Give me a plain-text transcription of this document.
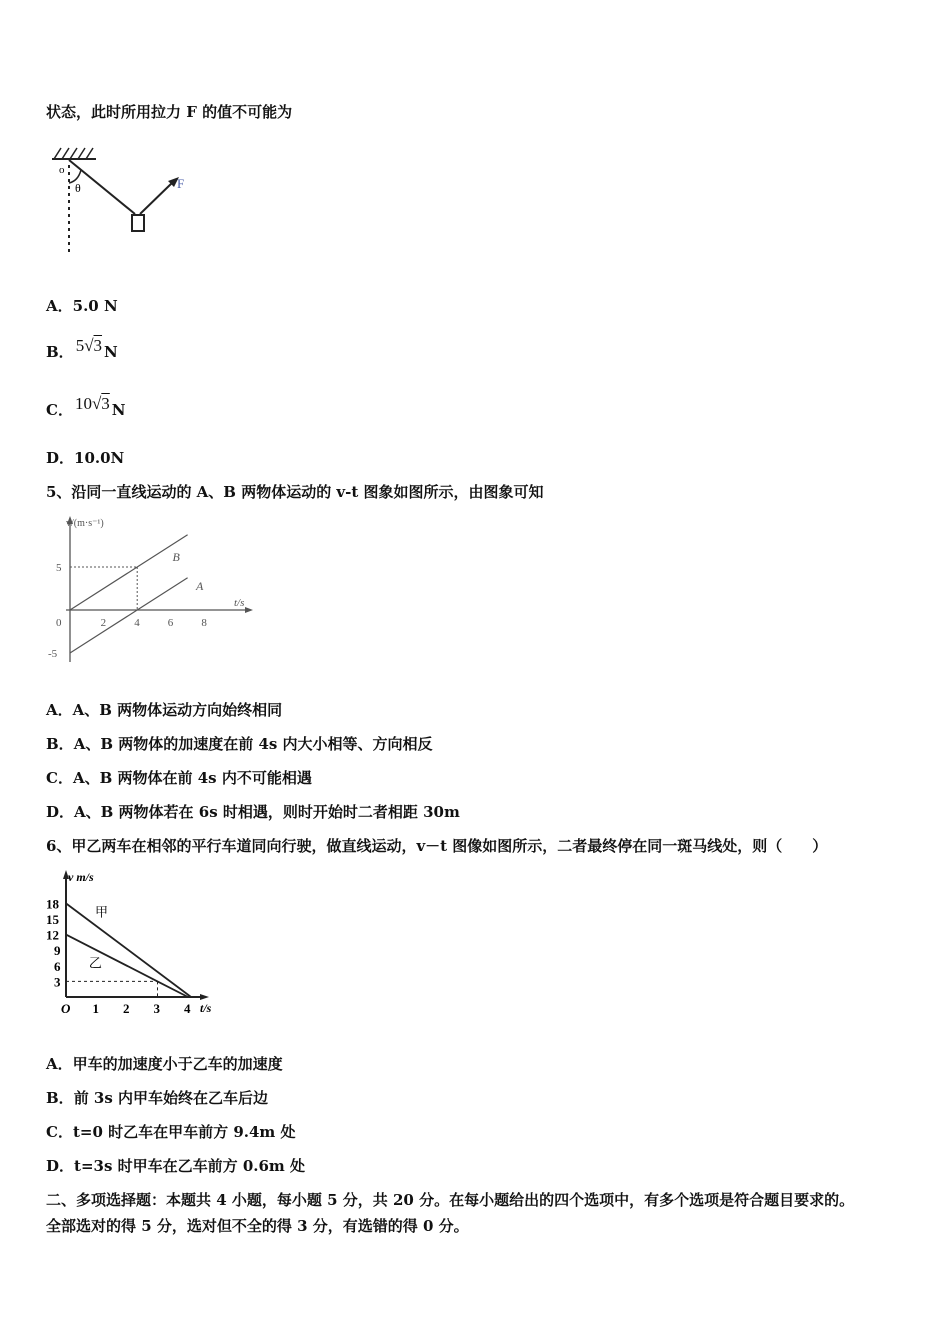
状态，此时所用拉力 F 的值不可能为
o
θ	F
A．5.0 N
B． 5√3 N
C． 10√3 N
D．10.0N
5、沿同一直线运动的 A、B 两物体运动的 v-t 图象如图所示，由图象可知
B
A
v/(m·s⁻¹)
t/s
2	4	6	8
5
0
-5
A．A、B 两物体运动方向始终相同
B．A、B 两物体的加速度在前 4s 内大小相等、方向相反
C．A、B 两物体在前 4s 内不可能相遇
D．A、B 两物体若在 6s 时相遇，则时开始时二者相距 30m
6、甲乙两车在相邻的平行车道同向行驶，做直线运动，v－t 图像如图所示，二者最终停在同一斑马线处，则（　　）
甲
乙
v m/s
t/s
O 1 2 3 4
18
15
12
9
6
3
A．甲车的加速度小于乙车的加速度
B．前 3s 内甲车始终在乙车后边
C．t=0 时乙车在甲车前方 9.4m 处
D．t=3s 时甲车在乙车前方 0.6m 处
二、多项选择题：本题共 4 小题，每小题 5 分，共 20 分。在每小题给出的四个选项中，有多个选项是符合题目要求的。
全部选对的得 5 分，选对但不全的得 3 分，有选错的得 0 分。
